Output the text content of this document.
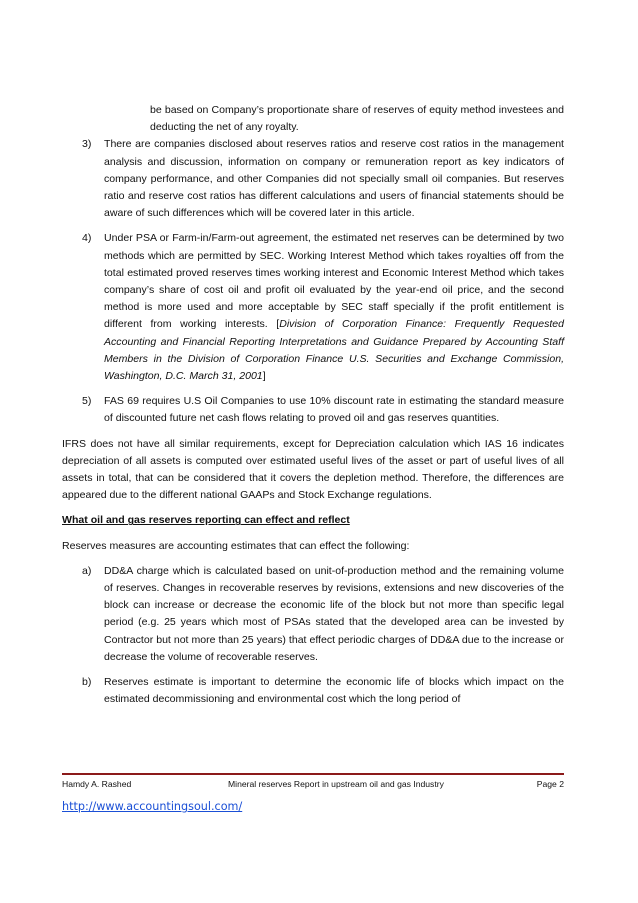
be based on Company’s proportionate share of reserves of equity method investees and deducting the net of any royalty.

3)	There are companies disclosed about reserves ratios and reserve cost ratios in the management analysis and discussion, information on company or remuneration report as key indicators of company performance, and other Companies did not specially small oil companies. But reserves ratio and reserve cost ratios has different calculations and users of financial statements should be aware of such differences which will be covered later in this article.
4)	Under PSA or Farm-in/Farm-out agreement, the estimated net reserves can be determined by two methods which are permitted by SEC. Working Interest Method which takes royalties off from the total estimated proved reserves times working interest and Economic Interest Method which takes company’s share of cost oil and profit oil evaluated by the year-end oil price, and the second method is more used and more acceptable by SEC staff specially if the profit entitlement is different from working interests. [Division of Corporation Finance: Frequently Requested Accounting and Financial Reporting Interpretations and Guidance Prepared by Accounting Staff Members in the Division of Corporation Finance U.S. Securities and Exchange Commission, Washington, D.C. March 31, 2001]
5)	FAS 69 requires U.S Oil Companies to use 10% discount rate in estimating the standard measure of discounted future net cash flows relating to proved oil and gas reserves quantities.

IFRS does not have all similar requirements, except for Depreciation calculation which IAS 16 indicates depreciation of all assets is computed over estimated useful lives of the asset or part of useful lives of all assets in total, that can be considered that it covers the depletion method. Therefore, the differences are appeared due to the different national GAAPs and Stock Exchange regulations.

What oil and gas reserves reporting can effect and reflect

Reserves measures are accounting estimates that can effect the following:

a)	DD&A charge which is calculated based on unit-of-production method and the remaining volume of reserves. Changes in recoverable reserves by revisions, extensions and new discoveries of the block can increase or decrease the economic life of the block but not more than specific legal period (e.g. 25 years which most of PSAs stated that the developed area can be invested by Contractor but not more than 25 years) that effect periodic charges of DD&A due to the increase or decrease the volume of recoverable reserves.
b)	Reserves estimate is important to determine the economic life of blocks which impact on the estimated decommissioning and environmental cost which the long period of
Hamdy A. Rashed	Mineral reserves Report in upstream oil and gas Industry	Page 2
http://www.accountingsoul.com/
